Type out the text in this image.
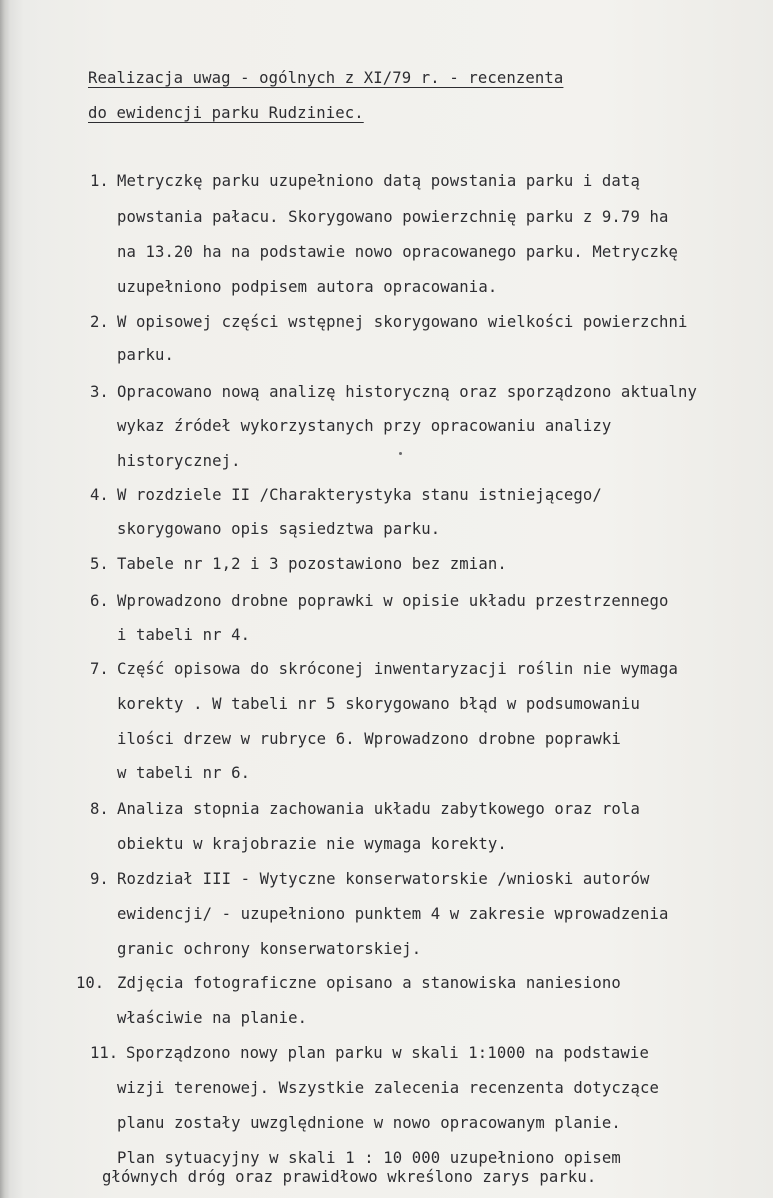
Realizacja uwag - ogólnych z XI/79 r. - recenzenta
do ewidencji parku Rudziniec.
1. Metryczkę parku uzupełniono datą powstania parku i datą
powstania pałacu. Skorygowano powierzchnię parku z 9.79 ha
na 13.20 ha na podstawie nowo opracowanego parku. Metryczkę
uzupełniono podpisem autora opracowania.
2. W opisowej części wstępnej skorygowano wielkości powierzchni
parku.
3. Opracowano nową analizę historyczną oraz sporządzono aktualny
wykaz źródeł wykorzystanych przy opracowaniu analizy
historycznej.
4. W rozdziele II /Charakterystyka stanu istniejącego/
skorygowano opis sąsiedztwa parku.
5. Tabele nr 1,2 i 3 pozostawiono bez zmian.
6. Wprowadzono drobne poprawki w opisie układu przestrzennego
i tabeli nr 4.
7. Część opisowa do skróconej inwentaryzacji roślin nie wymaga
korekty . W tabeli nr 5 skorygowano błąd w podsumowaniu
ilości drzew w rubryce 6. Wprowadzono drobne poprawki
w tabeli nr 6.
8. Analiza stopnia zachowania układu zabytkowego oraz rola
obiektu w krajobrazie nie wymaga korekty.
9. Rozdział III - Wytyczne konserwatorskie /wnioski autorów
ewidencji/ - uzupełniono punktem 4 w zakresie wprowadzenia
granic ochrony konserwatorskiej.
10. Zdjęcia fotograficzne opisano a stanowiska naniesiono
właściwie na planie.
11. Sporządzono nowy plan parku w skali 1:1000 na podstawie
wizji terenowej. Wszystkie zalecenia recenzenta dotyczące
planu zostały uwzględnione w nowo opracowanym planie.
Plan sytuacyjny w skali 1 : 10 000 uzupełniono opisem
głównych dróg oraz prawidłowo wkreślono zarys parku.
